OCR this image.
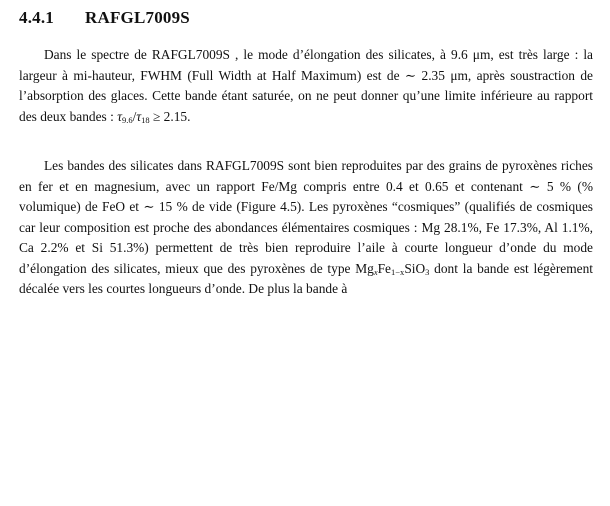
4.4.1 RAFGL7009S

Dans le spectre de RAFGL7009S , le mode d’élongation des silicates, à 9.6 μm, est très large : la largeur à mi-hauteur, FWHM (Full Width at Half Maximum) est de ∼ 2.35 μm, après soustraction de l’absorption des glaces. Cette bande étant saturée, on ne peut donner qu’une limite inférieure au rapport des deux bandes : $\tau_{9.6}/\tau_{18} \ge 2.15$.

Les bandes des silicates dans RAFGL7009S sont bien reproduites par des grains de pyroxènes riches en fer et en magnesium, avec un rapport Fe/Mg compris entre 0.4 et 0.65 et contenant ∼ 5 % (% volumique) de FeO et ∼ 15 % de vide (Figure 4.5). Les pyroxènes “cosmiques” (qualifiés de cosmiques car leur composition est proche des abondances élémentaires cosmiques : Mg 28.1%, Fe 17.3%, Al 1.1%, Ca 2.2% et Si 51.3%) permettent de très bien reproduire l’aile à courte longueur d’onde du mode d’élongation des silicates, mieux que des pyroxènes de type $Mg_xFe_{1-x}SiO_3$ dont la bande est légèrement décalée vers les courtes longueurs d’onde. De plus la bande à
